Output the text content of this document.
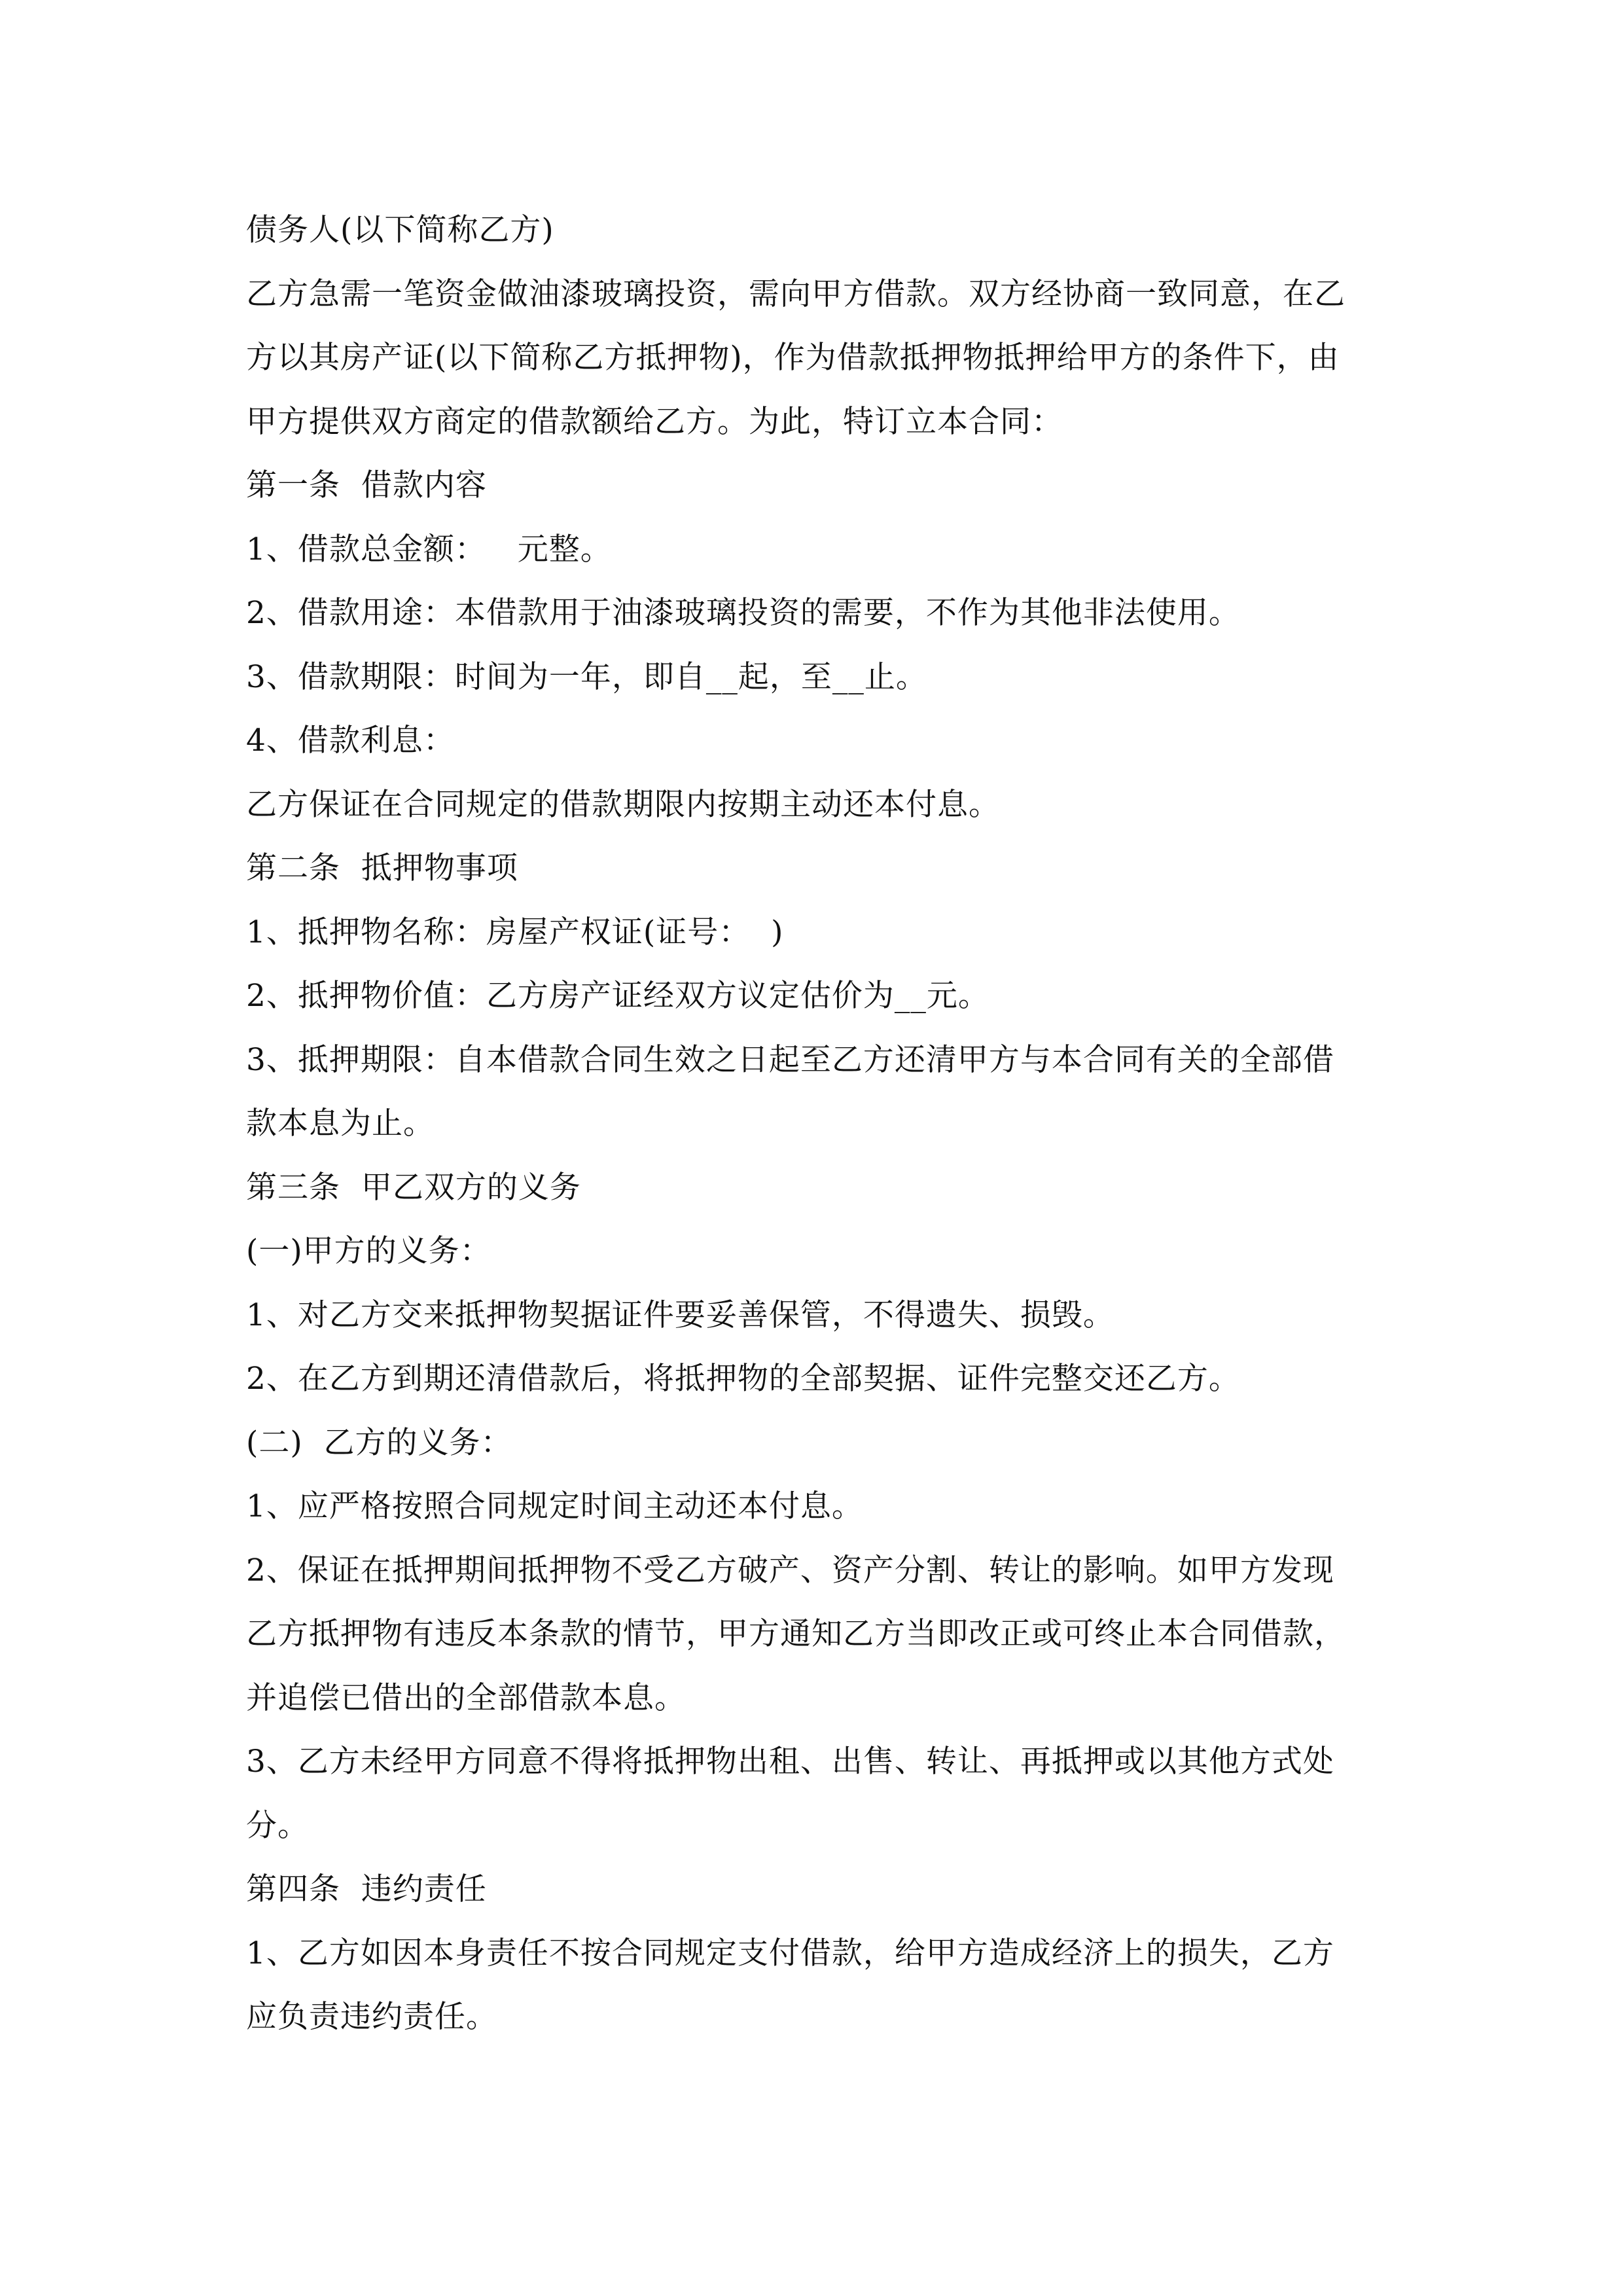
债务人(以下简称乙方)
乙方急需一笔资金做油漆玻璃投资，需向甲方借款。双方经协商一致同意，在乙
方以其房产证(以下简称乙方抵押物)，作为借款抵押物抵押给甲方的条件下，由
甲方提供双方商定的借款额给乙方。为此，特订立本合同：
第一条  借款内容
1、借款总金额：   元整。
2、借款用途：本借款用于油漆玻璃投资的需要，不作为其他非法使用。
3、借款期限：时间为一年，即自__起，至__止。
4、借款利息：
乙方保证在合同规定的借款期限内按期主动还本付息。
第二条  抵押物事项
1、抵押物名称：房屋产权证(证号：  )
2、抵押物价值：乙方房产证经双方议定估价为__元。
3、抵押期限：自本借款合同生效之日起至乙方还清甲方与本合同有关的全部借
款本息为止。
第三条  甲乙双方的义务
(一)甲方的义务：
1、对乙方交来抵押物契据证件要妥善保管，不得遗失、损毁。
2、在乙方到期还清借款后，将抵押物的全部契据、证件完整交还乙方。
(二)  乙方的义务：
1、应严格按照合同规定时间主动还本付息。
2、保证在抵押期间抵押物不受乙方破产、资产分割、转让的影响。如甲方发现
乙方抵押物有违反本条款的情节，甲方通知乙方当即改正或可终止本合同借款，
并追偿已借出的全部借款本息。
3、乙方未经甲方同意不得将抵押物出租、出售、转让、再抵押或以其他方式处
分。
第四条  违约责任
1、乙方如因本身责任不按合同规定支付借款，给甲方造成经济上的损失，乙方
应负责违约责任。
